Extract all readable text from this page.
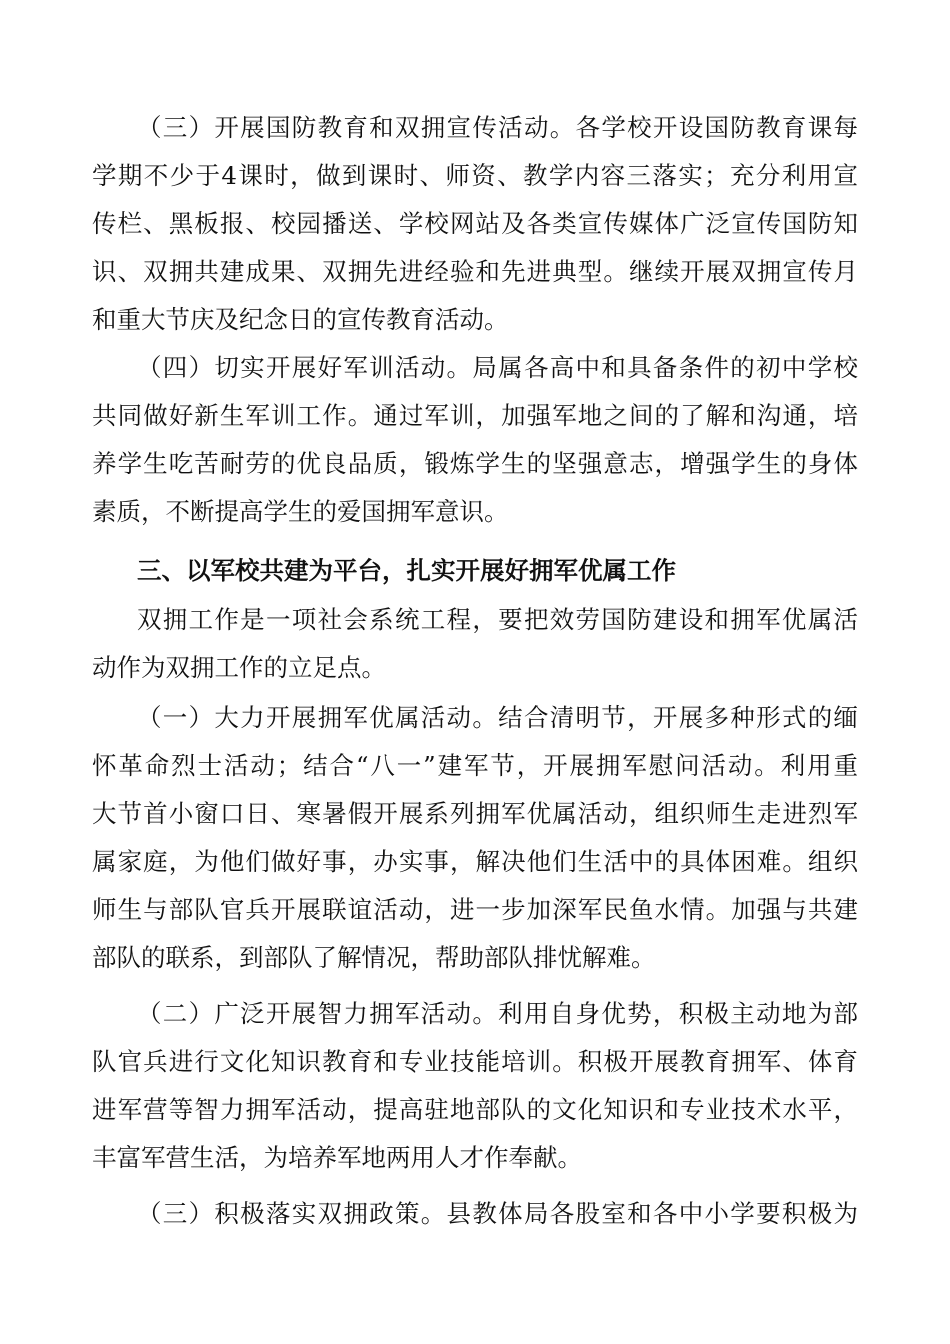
（三）开展国防教育和双拥宣传活动。各学校开设国防教育课每
学期不少于4课时，做到课时、师资、教学内容三落实；充分利用宣
传栏、黑板报、校园播送、学校网站及各类宣传媒体广泛宣传国防知
识、双拥共建成果、双拥先进经验和先进典型。继续开展双拥宣传月
和重大节庆及纪念日的宣传教育活动。
（四）切实开展好军训活动。局属各高中和具备条件的初中学校
共同做好新生军训工作。通过军训，加强军地之间的了解和沟通，培
养学生吃苦耐劳的优良品质，锻炼学生的坚强意志，增强学生的身体
素质，不断提高学生的爱国拥军意识。
三、以军校共建为平台，扎实开展好拥军优属工作
双拥工作是一项社会系统工程，要把效劳国防建设和拥军优属活
动作为双拥工作的立足点。
（一）大力开展拥军优属活动。结合清明节，开展多种形式的缅
怀革命烈士活动；结合“八一”建军节，开展拥军慰问活动。利用重
大节首小窗口日、寒暑假开展系列拥军优属活动，组织师生走进烈军
属家庭，为他们做好事，办实事，解决他们生活中的具体困难。组织
师生与部队官兵开展联谊活动，进一步加深军民鱼水情。加强与共建
部队的联系，到部队了解情况，帮助部队排忧解难。
（二）广泛开展智力拥军活动。利用自身优势，积极主动地为部
队官兵进行文化知识教育和专业技能培训。积极开展教育拥军、体育
进军营等智力拥军活动，提高驻地部队的文化知识和专业技术水平，
丰富军营生活，为培养军地两用人才作奉献。
（三）积极落实双拥政策。县教体局各股室和各中小学要积极为
